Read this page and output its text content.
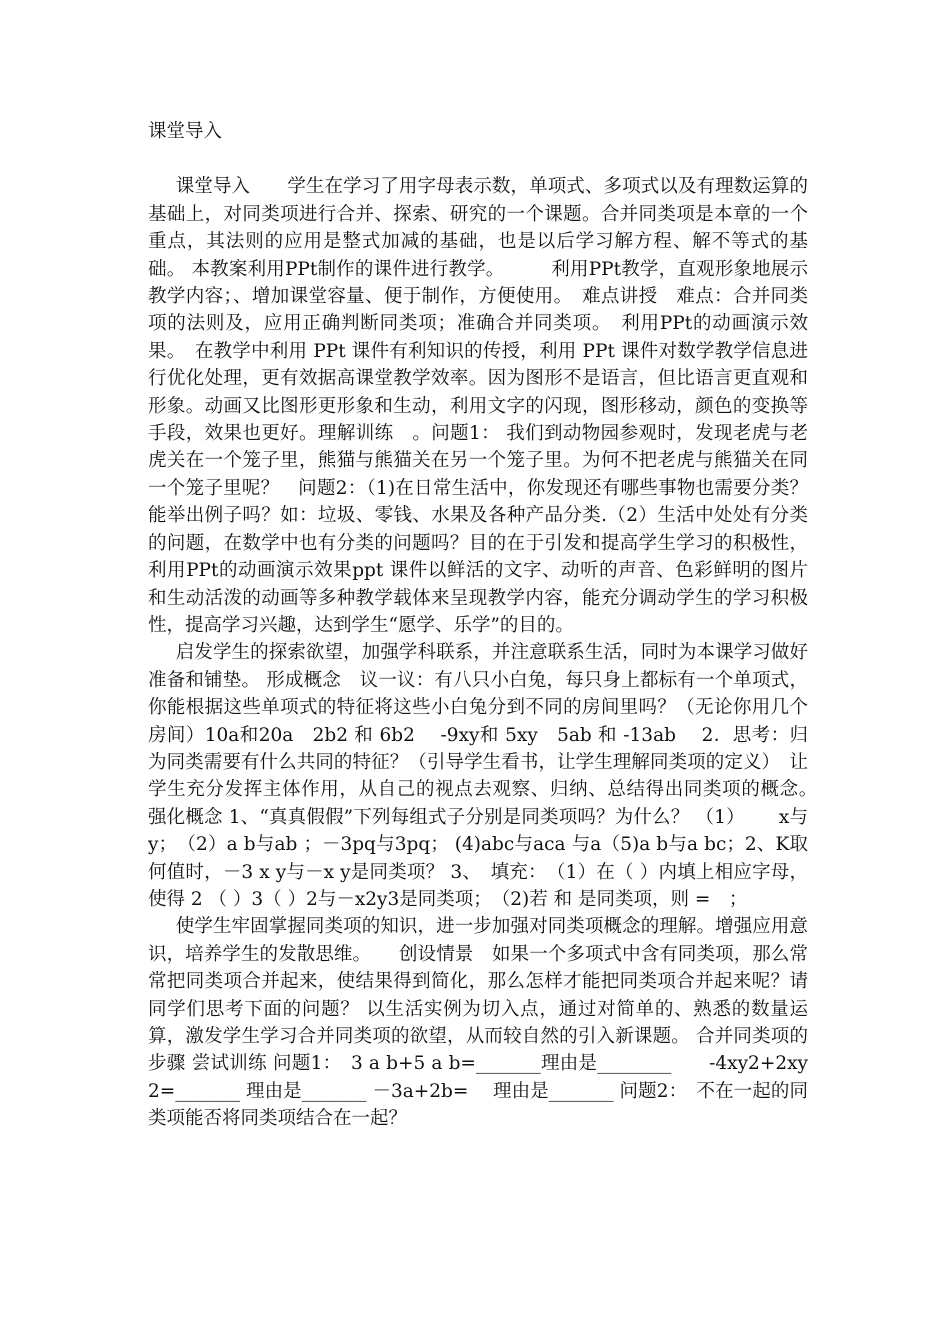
课堂导入

课堂导入　　学生在学习了用字母表示数，单项式、多项式以及有理数运算的基础上，对同类项进行合并、探索、研究的一个课题。合并同类项是本章的一个重点，其法则的应用是整式加减的基础，也是以后学习解方程、解不等式的基础。 本教案利用PPt制作的课件进行教学。　　　利用PPt教学，直观形象地展示教学内容；、增加课堂容量、便于制作，方便使用。　难点讲授　难点：合并同类项的法则及，应用正确判断同类项；准确合并同类项。　利用PPt的动画演示效果。　在教学中利用 PPt 课件有利知识的传授，利用 PPt 课件对数学教学信息进行优化处理，更有效据高课堂教学效率。因为图形不是语言，但比语言更直观和形象。动画又比图形更形象和生动，利用文字的闪现，图形移动，颜色的变换等手段，效果也更好。理解训练　。问题1： 我们到动物园参观时，发现老虎与老虎关在一个笼子里，熊猫与熊猫关在另一个笼子里。为何不把老虎与熊猫关在同一个笼子里呢？　问题2：（1)在日常生活中，你发现还有哪些事物也需要分类？能举出例子吗？如：垃圾、零钱、水果及各种产品分类.（2）生活中处处有分类的问题，在数学中也有分类的问题吗？目的在于引发和提高学生学习的积极性， 利用PPt的动画演示效果ppt 课件以鲜活的文字、动听的声音、色彩鲜明的图片和生动活泼的动画等多种教学载体来呈现教学内容，能充分调动学生的学习积极性，提高学习兴趣，达到学生“愿学、乐学”的目的。

启发学生的探索欲望，加强学科联系，并注意联系生活，同时为本课学习做好准备和铺垫。 形成概念　议一议：有八只小白兔，每只身上都标有一个单项式，你能根据这些单项式的特征将这些小白兔分到不同的房间里吗？（无论你用几个房间）10a和20a　2b2 和 6b2　 -9xy和 5xy　5ab 和 -13ab　 2．思考：归为同类需要有什么共同的特征？（引导学生看书，让学生理解同类项的定义）　让学生充分发挥主体作用，从自己的视点去观察、归纳、总结得出同类项的概念。　　强化概念 1、“真真假假”下列每组式子分别是同类项吗？为什么？ （1）　　 x与y；　（2）a b与ab ；－3pq与3pq； (4)abc与aca 与a（5)a b与a bc；2、K取何值时，－3 x y与－x y是同类项？ 3、　填充：　（1）在（ ）内填上相应字母，使得 2 （ ）3（ ）2与－x2y3是同类项；　（2)若 和 是同类项，则 =　；

使学生牢固掌握同类项的知识，进一步加强对同类项概念的理解。增强应用意识，培养学生的发散思维。　　创设情景　如果一个多项式中含有同类项，那么常常把同类项合并起来，使结果得到简化，那么怎样才能把同类项合并起来呢？请同学们思考下面的问题？ 以生活实例为切入点，通过对简单的、熟悉的数量运算，激发学生学习合并同类项的欲望，从而较自然的引入新课题。 合并同类项的步骤 尝试训练 问题1：　3 a b+5 a b=_______理由是________　　-4xy2+2xy2=_______ 理由是_______ －3a+2b=　 理由是_______ 问题2：　不在一起的同类项能否将同类项结合在一起？
